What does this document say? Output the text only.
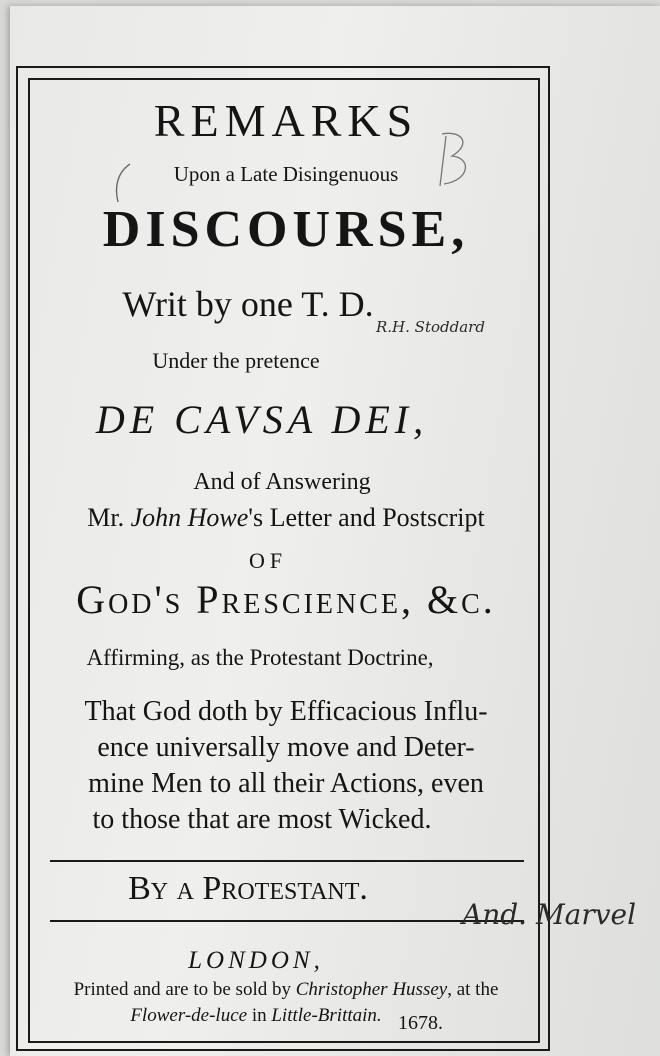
REMARKS
Upon a Late Disingenuous
DISCOURSE,
Writ by one T. D.
Under the pretence
DE CAVSA DEI,
And of Answering
Mr. John Howe's Letter and Postscript
OF
God's Prescience, &c.
Affirming, as the Protestant Doctrine,
That God doth by Efficacious Influ-
ence universally move and Deter-
mine Men to all their Actions, even
to those that are most Wicked.
By a Protestant.
LONDON,
Printed and are to be sold by Christopher Hussey, at the
Flower-de-luce in Little-Brittain. 1678.
R.H. Stoddard
And. Marvel
